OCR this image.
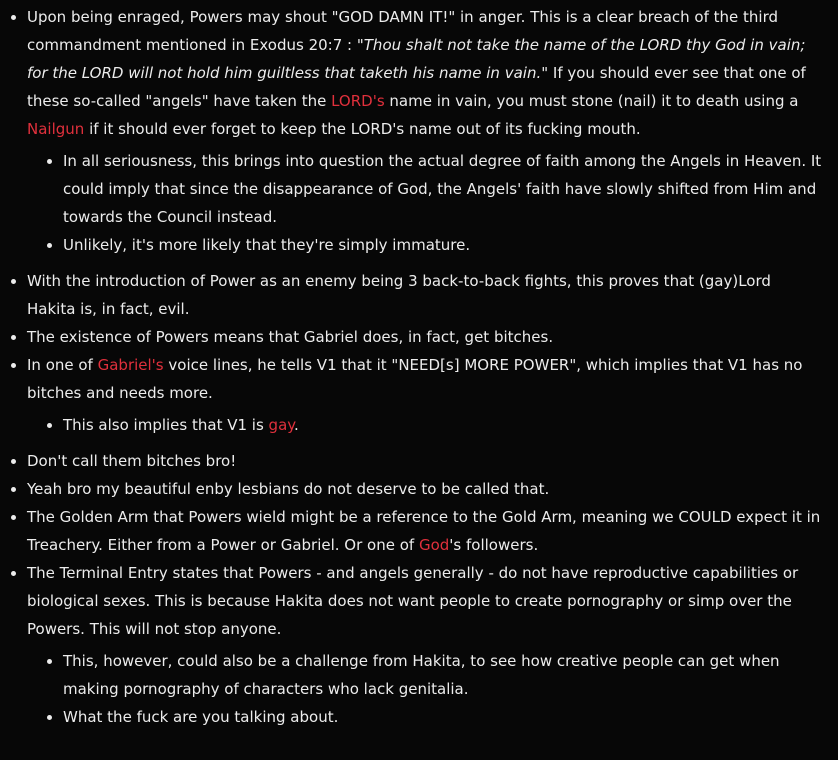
• Upon being enraged, Powers may shout "GOD DAMN IT!" in anger. This is a clear breach of the third commandment mentioned in Exodus 20:7 : "Thou shalt not take the name of the LORD thy God in vain; for the LORD will not hold him guiltless that taketh his name in vain." If you should ever see that one of these so-called "angels" have taken the LORD's name in vain, you must stone (nail) it to death using a Nailgun if it should ever forget to keep the LORD's name out of its fucking mouth.
• In all seriousness, this brings into question the actual degree of faith among the Angels in Heaven. It could imply that since the disappearance of God, the Angels' faith have slowly shifted from Him and towards the Council instead.
• Unlikely, it's more likely that they're simply immature.
• With the introduction of Power as an enemy being 3 back-to-back fights, this proves that (gay)Lord Hakita is, in fact, evil.
• The existence of Powers means that Gabriel does, in fact, get bitches.
• In one of Gabriel's voice lines, he tells V1 that it "NEED[s] MORE POWER", which implies that V1 has no bitches and needs more.
• This also implies that V1 is gay.
• Don't call them bitches bro!
• Yeah bro my beautiful enby lesbians do not deserve to be called that.
• The Golden Arm that Powers wield might be a reference to the Gold Arm, meaning we COULD expect it in Treachery. Either from a Power or Gabriel. Or one of God's followers.
• The Terminal Entry states that Powers - and angels generally - do not have reproductive capabilities or biological sexes. This is because Hakita does not want people to create pornography or simp over the Powers. This will not stop anyone.
• This, however, could also be a challenge from Hakita, to see how creative people can get when making pornography of characters who lack genitalia.
• What the fuck are you talking about.
